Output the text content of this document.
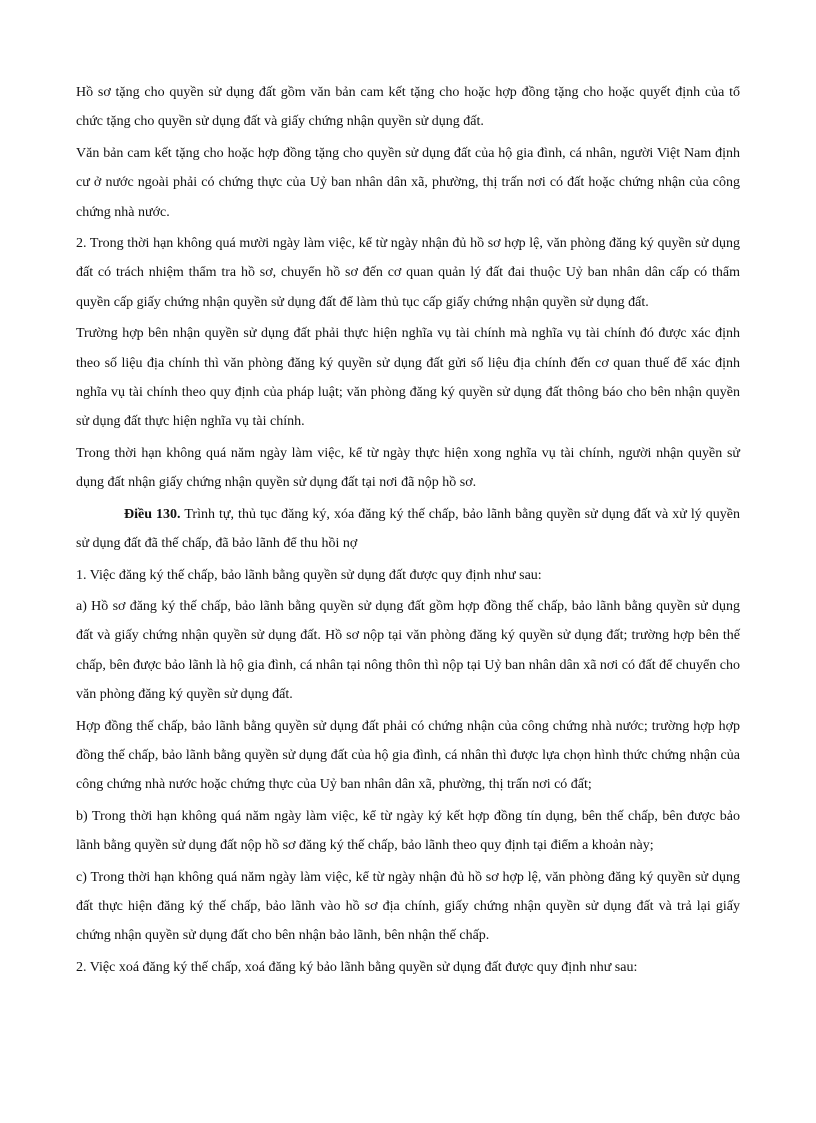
Hồ sơ tặng cho quyền sử dụng đất gồm văn bản cam kết tặng cho hoặc hợp đồng tặng cho hoặc quyết định của tổ chức tặng cho quyền sử dụng đất và giấy chứng nhận quyền sử dụng đất.

Văn bản cam kết tặng cho hoặc hợp đồng tặng cho quyền sử dụng đất của hộ gia đình, cá nhân, người Việt Nam định cư ở nước ngoài phải có chứng thực của Uỷ ban nhân dân xã, phường, thị trấn nơi có đất hoặc chứng nhận của công chứng nhà nước.

2. Trong thời hạn không quá mười ngày làm việc, kể từ ngày nhận đủ hồ sơ hợp lệ, văn phòng đăng ký quyền sử dụng đất có trách nhiệm thẩm tra hồ sơ, chuyển hồ sơ đến cơ quan quản lý đất đai thuộc Uỷ ban nhân dân cấp có thẩm quyền cấp giấy chứng nhận quyền sử dụng đất để làm thủ tục cấp giấy chứng nhận quyền sử dụng đất.

Trường hợp bên nhận quyền sử dụng đất phải thực hiện nghĩa vụ tài chính mà nghĩa vụ tài chính đó được xác định theo số liệu địa chính thì văn phòng đăng ký quyền sử dụng đất gửi số liệu địa chính đến cơ quan thuế để xác định nghĩa vụ tài chính theo quy định của pháp luật; văn phòng đăng ký quyền sử dụng đất thông báo cho bên nhận quyền sử dụng đất thực hiện nghĩa vụ tài chính.

Trong thời hạn không quá năm ngày làm việc, kể từ ngày thực hiện xong nghĩa vụ tài chính, người nhận quyền sử dụng đất nhận giấy chứng nhận quyền sử dụng đất tại nơi đã nộp hồ sơ.

Điều 130. Trình tự, thủ tục đăng ký, xóa đăng ký thế chấp, bảo lãnh bằng quyền sử dụng đất và xử lý quyền sử dụng đất đã thế chấp, đã bảo lãnh để thu hồi nợ

1. Việc đăng ký thế chấp, bảo lãnh bằng quyền sử dụng đất được quy định như sau:

a) Hồ sơ đăng ký thế chấp, bảo lãnh bằng quyền sử dụng đất gồm hợp đồng thế chấp, bảo lãnh bằng quyền sử dụng đất và giấy chứng nhận quyền sử dụng đất. Hồ sơ nộp tại văn phòng đăng ký quyền sử dụng đất; trường hợp bên thế chấp, bên được bảo lãnh là hộ gia đình, cá nhân tại nông thôn thì nộp tại Uỷ ban nhân dân xã nơi có đất để chuyển cho văn phòng đăng ký quyền sử dụng đất.

Hợp đồng thế chấp, bảo lãnh bằng quyền sử dụng đất phải có chứng nhận của công chứng nhà nước; trường hợp hợp đồng thế chấp, bảo lãnh bằng quyền sử dụng đất của hộ gia đình, cá nhân thì được lựa chọn hình thức chứng nhận của công chứng nhà nước hoặc chứng thực của Uỷ ban nhân dân xã, phường, thị trấn nơi có đất;

b) Trong thời hạn không quá năm ngày làm việc, kể từ ngày ký kết hợp đồng tín dụng, bên thế chấp, bên được bảo lãnh bằng quyền sử dụng đất nộp hồ sơ đăng ký thế chấp, bảo lãnh theo quy định tại điểm a khoản này;

c) Trong thời hạn không quá năm ngày làm việc, kể từ ngày nhận đủ hồ sơ hợp lệ, văn phòng đăng ký quyền sử dụng đất thực hiện đăng ký thế chấp, bảo lãnh vào hồ sơ địa chính, giấy chứng nhận quyền sử dụng đất và trả lại giấy chứng nhận quyền sử dụng đất cho bên nhận bảo lãnh, bên nhận thế chấp.

2. Việc xoá đăng ký thế chấp, xoá đăng ký bảo lãnh bằng quyền sử dụng đất được quy định như sau:
